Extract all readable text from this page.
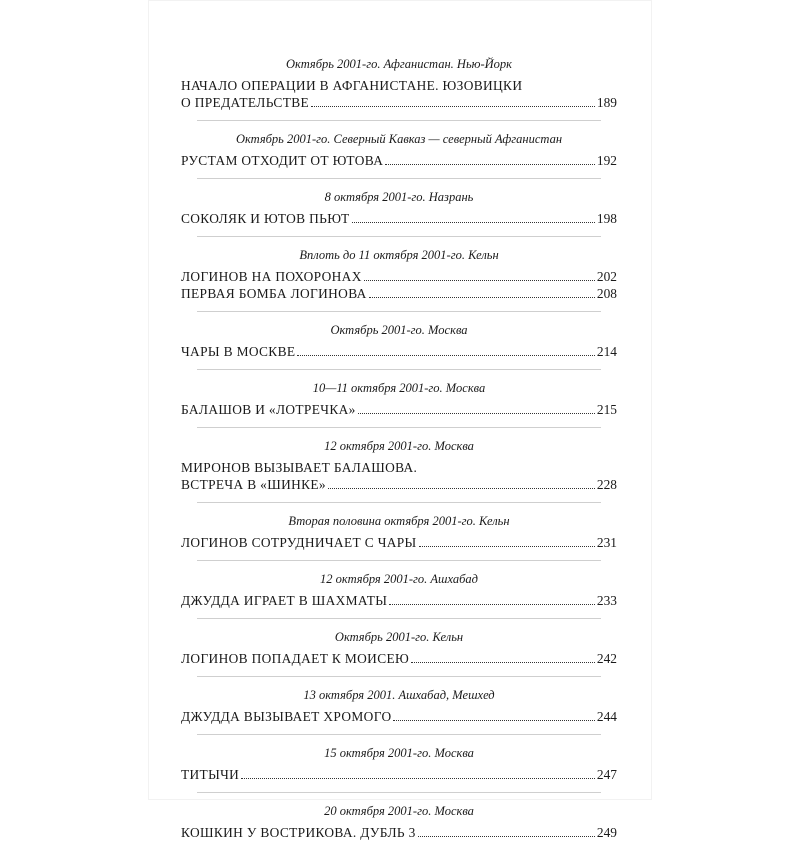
Октябрь 2001-го. Афганистан. Нью-Йорк
НАЧАЛО ОПЕРАЦИИ В АФГАНИСТАНЕ. ЮЗОВИЦКИ
О ПРЕДАТЕЛЬСТВЕ	189
Октябрь 2001-го. Северный Кавказ — северный Афганистан
РУСТАМ ОТХОДИТ ОТ ЮТОВА	192
8 октября 2001-го. Назрань
СОКОЛЯК И ЮТОВ ПЬЮТ	198
Вплоть до 11 октября 2001-го. Кельн
ЛОГИНОВ НА ПОХОРОНАХ	202
ПЕРВАЯ БОМБА ЛОГИНОВА	208
Октябрь 2001-го. Москва
ЧАРЫ В МОСКВЕ	214
10—11 октября 2001-го. Москва
БАЛАШОВ И «ЛОТРЕЧКА»	215
12 октября 2001-го. Москва
МИРОНОВ ВЫЗЫВАЕТ БАЛАШОВА.
ВСТРЕЧА В «ШИНКЕ»	228
Вторая половина октября 2001-го. Кельн
ЛОГИНОВ СОТРУДНИЧАЕТ С ЧАРЫ	231
12 октября 2001-го. Ашхабад
ДЖУДДА ИГРАЕТ В ШАХМАТЫ	233
Октябрь 2001-го. Кельн
ЛОГИНОВ ПОПАДАЕТ К МОИСЕЮ	242
13 октября 2001. Ашхабад, Мешхед
ДЖУДДА ВЫЗЫВАЕТ ХРОМОГО	244
15 октября 2001-го. Москва
ТИТЫЧИ	247
20 октября 2001-го. Москва
КОШКИН У ВОСТРИКОВА. ДУБЛЬ 3	249
